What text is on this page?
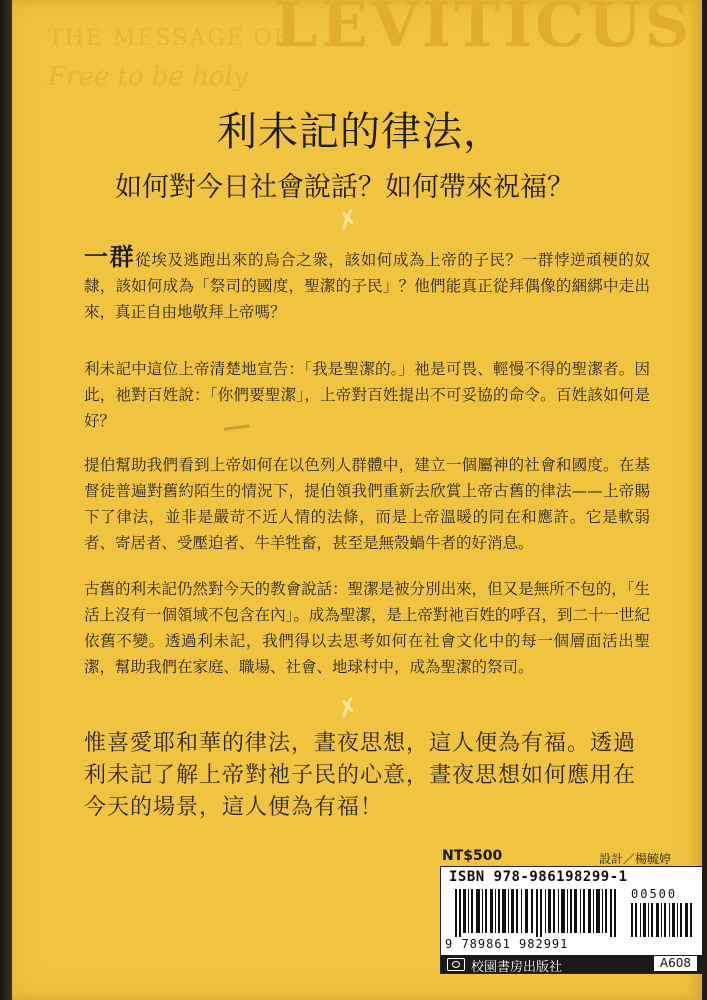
THE MESSAGE OF
LEVITICUS
Free to be holy
利未記的律法，
如何對今日社會說話？如何帶來祝福？
✗
一群從埃及逃跑出來的烏合之衆，該如何成為上帝的子民？一群悖逆頑梗的奴隸，該如何成為「祭司的國度，聖潔的子民」？他們能真正從拜偶像的綑綁中走出來，真正自由地敬拜上帝嗎？
利未記中這位上帝清楚地宣告：「我是聖潔的。」祂是可畏、輕慢不得的聖潔者。因此，祂對百姓說：「你們要聖潔」，上帝對百姓提出不可妥協的命令。百姓該如何是好？
提伯幫助我們看到上帝如何在以色列人群體中，建立一個屬神的社會和國度。在基督徒普遍對舊約陌生的情況下，提伯領我們重新去欣賞上帝古舊的律法——上帝賜下了律法，並非是嚴苛不近人情的法條，而是上帝溫暖的同在和應許。它是軟弱者、寄居者、受壓迫者、牛羊牲畜，甚至是無殼蝸牛者的好消息。
古舊的利未記仍然對今天的教會說話：聖潔是被分別出來，但又是無所不包的，「生活上沒有一個領域不包含在內」。成為聖潔，是上帝對祂百姓的呼召，到二十一世紀依舊不變。透過利未記，我們得以去思考如何在社會文化中的每一個層面活出聖潔，幫助我們在家庭、職場、社會、地球村中，成為聖潔的祭司。
✗
惟喜愛耶和華的律法，晝夜思想，這人便為有福。透過利未記了解上帝對祂子民的心意，晝夜思想如何應用在今天的場景，這人便為有福！
NT$500	設計／楊毓婷
ISBN 978-986198299-1
00500
9 789861 982991
校園書房出版社	A608
